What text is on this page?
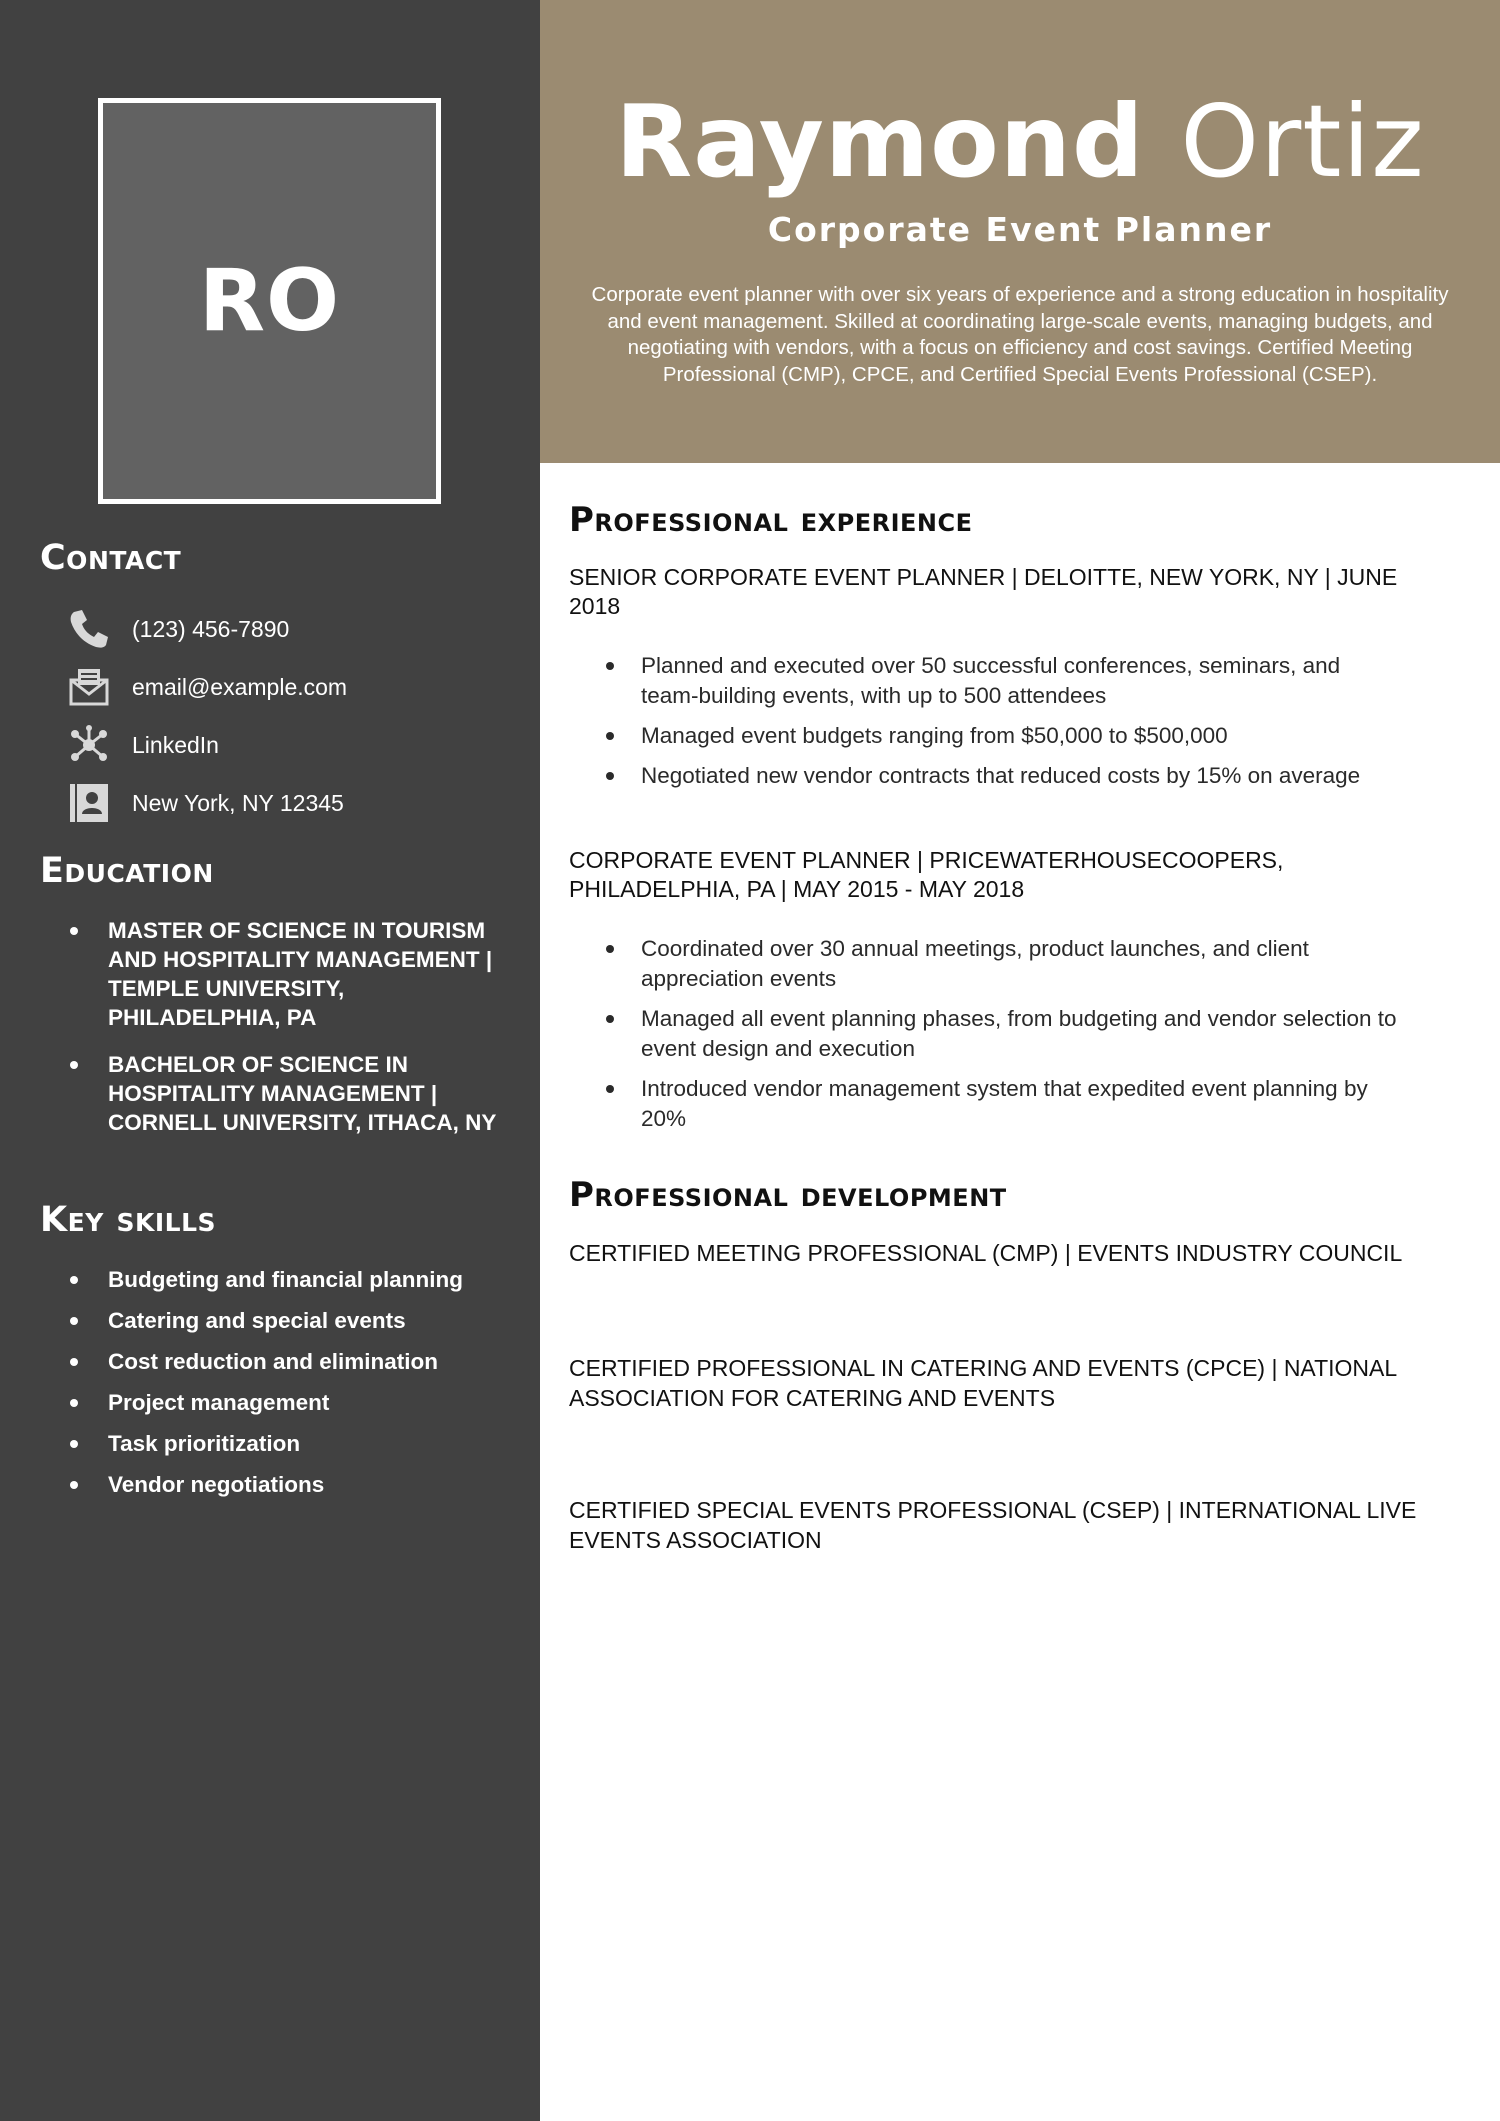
RO
Contact
(123) 456-7890
email@example.com
LinkedIn
New York, NY 12345
Education
MASTER OF SCIENCE IN TOURISM AND HOSPITALITY MANAGEMENT | TEMPLE UNIVERSITY, PHILADELPHIA, PA
BACHELOR OF SCIENCE IN HOSPITALITY MANAGEMENT | CORNELL UNIVERSITY, ITHACA, NY
Key skills
Budgeting and financial planning
Catering and special events
Cost reduction and elimination
Project management
Task prioritization
Vendor negotiations
Raymond Ortiz
Corporate Event Planner

Corporate event planner with over six years of experience and a strong education in hospitality and event management. Skilled at coordinating large-scale events, managing budgets, and negotiating with vendors, with a focus on efficiency and cost savings. Certified Meeting Professional (CMP), CPCE, and Certified Special Events Professional (CSEP).

Professional experience

SENIOR CORPORATE EVENT PLANNER | DELOITTE, NEW YORK, NY | JUNE 2018

Planned and executed over 50 successful conferences, seminars, and team-building events, with up to 500 attendees
Managed event budgets ranging from $50,000 to $500,000
Negotiated new vendor contracts that reduced costs by 15% on average

CORPORATE EVENT PLANNER | PRICEWATERHOUSECOOPERS, PHILADELPHIA, PA | MAY 2015 - MAY 2018

Coordinated over 30 annual meetings, product launches, and client appreciation events
Managed all event planning phases, from budgeting and vendor selection to event design and execution
Introduced vendor management system that expedited event planning by 20%
Professional development

CERTIFIED MEETING PROFESSIONAL (CMP) | EVENTS INDUSTRY COUNCIL

CERTIFIED PROFESSIONAL IN CATERING AND EVENTS (CPCE) | NATIONAL ASSOCIATION FOR CATERING AND EVENTS

CERTIFIED SPECIAL EVENTS PROFESSIONAL (CSEP) | INTERNATIONAL LIVE EVENTS ASSOCIATION
